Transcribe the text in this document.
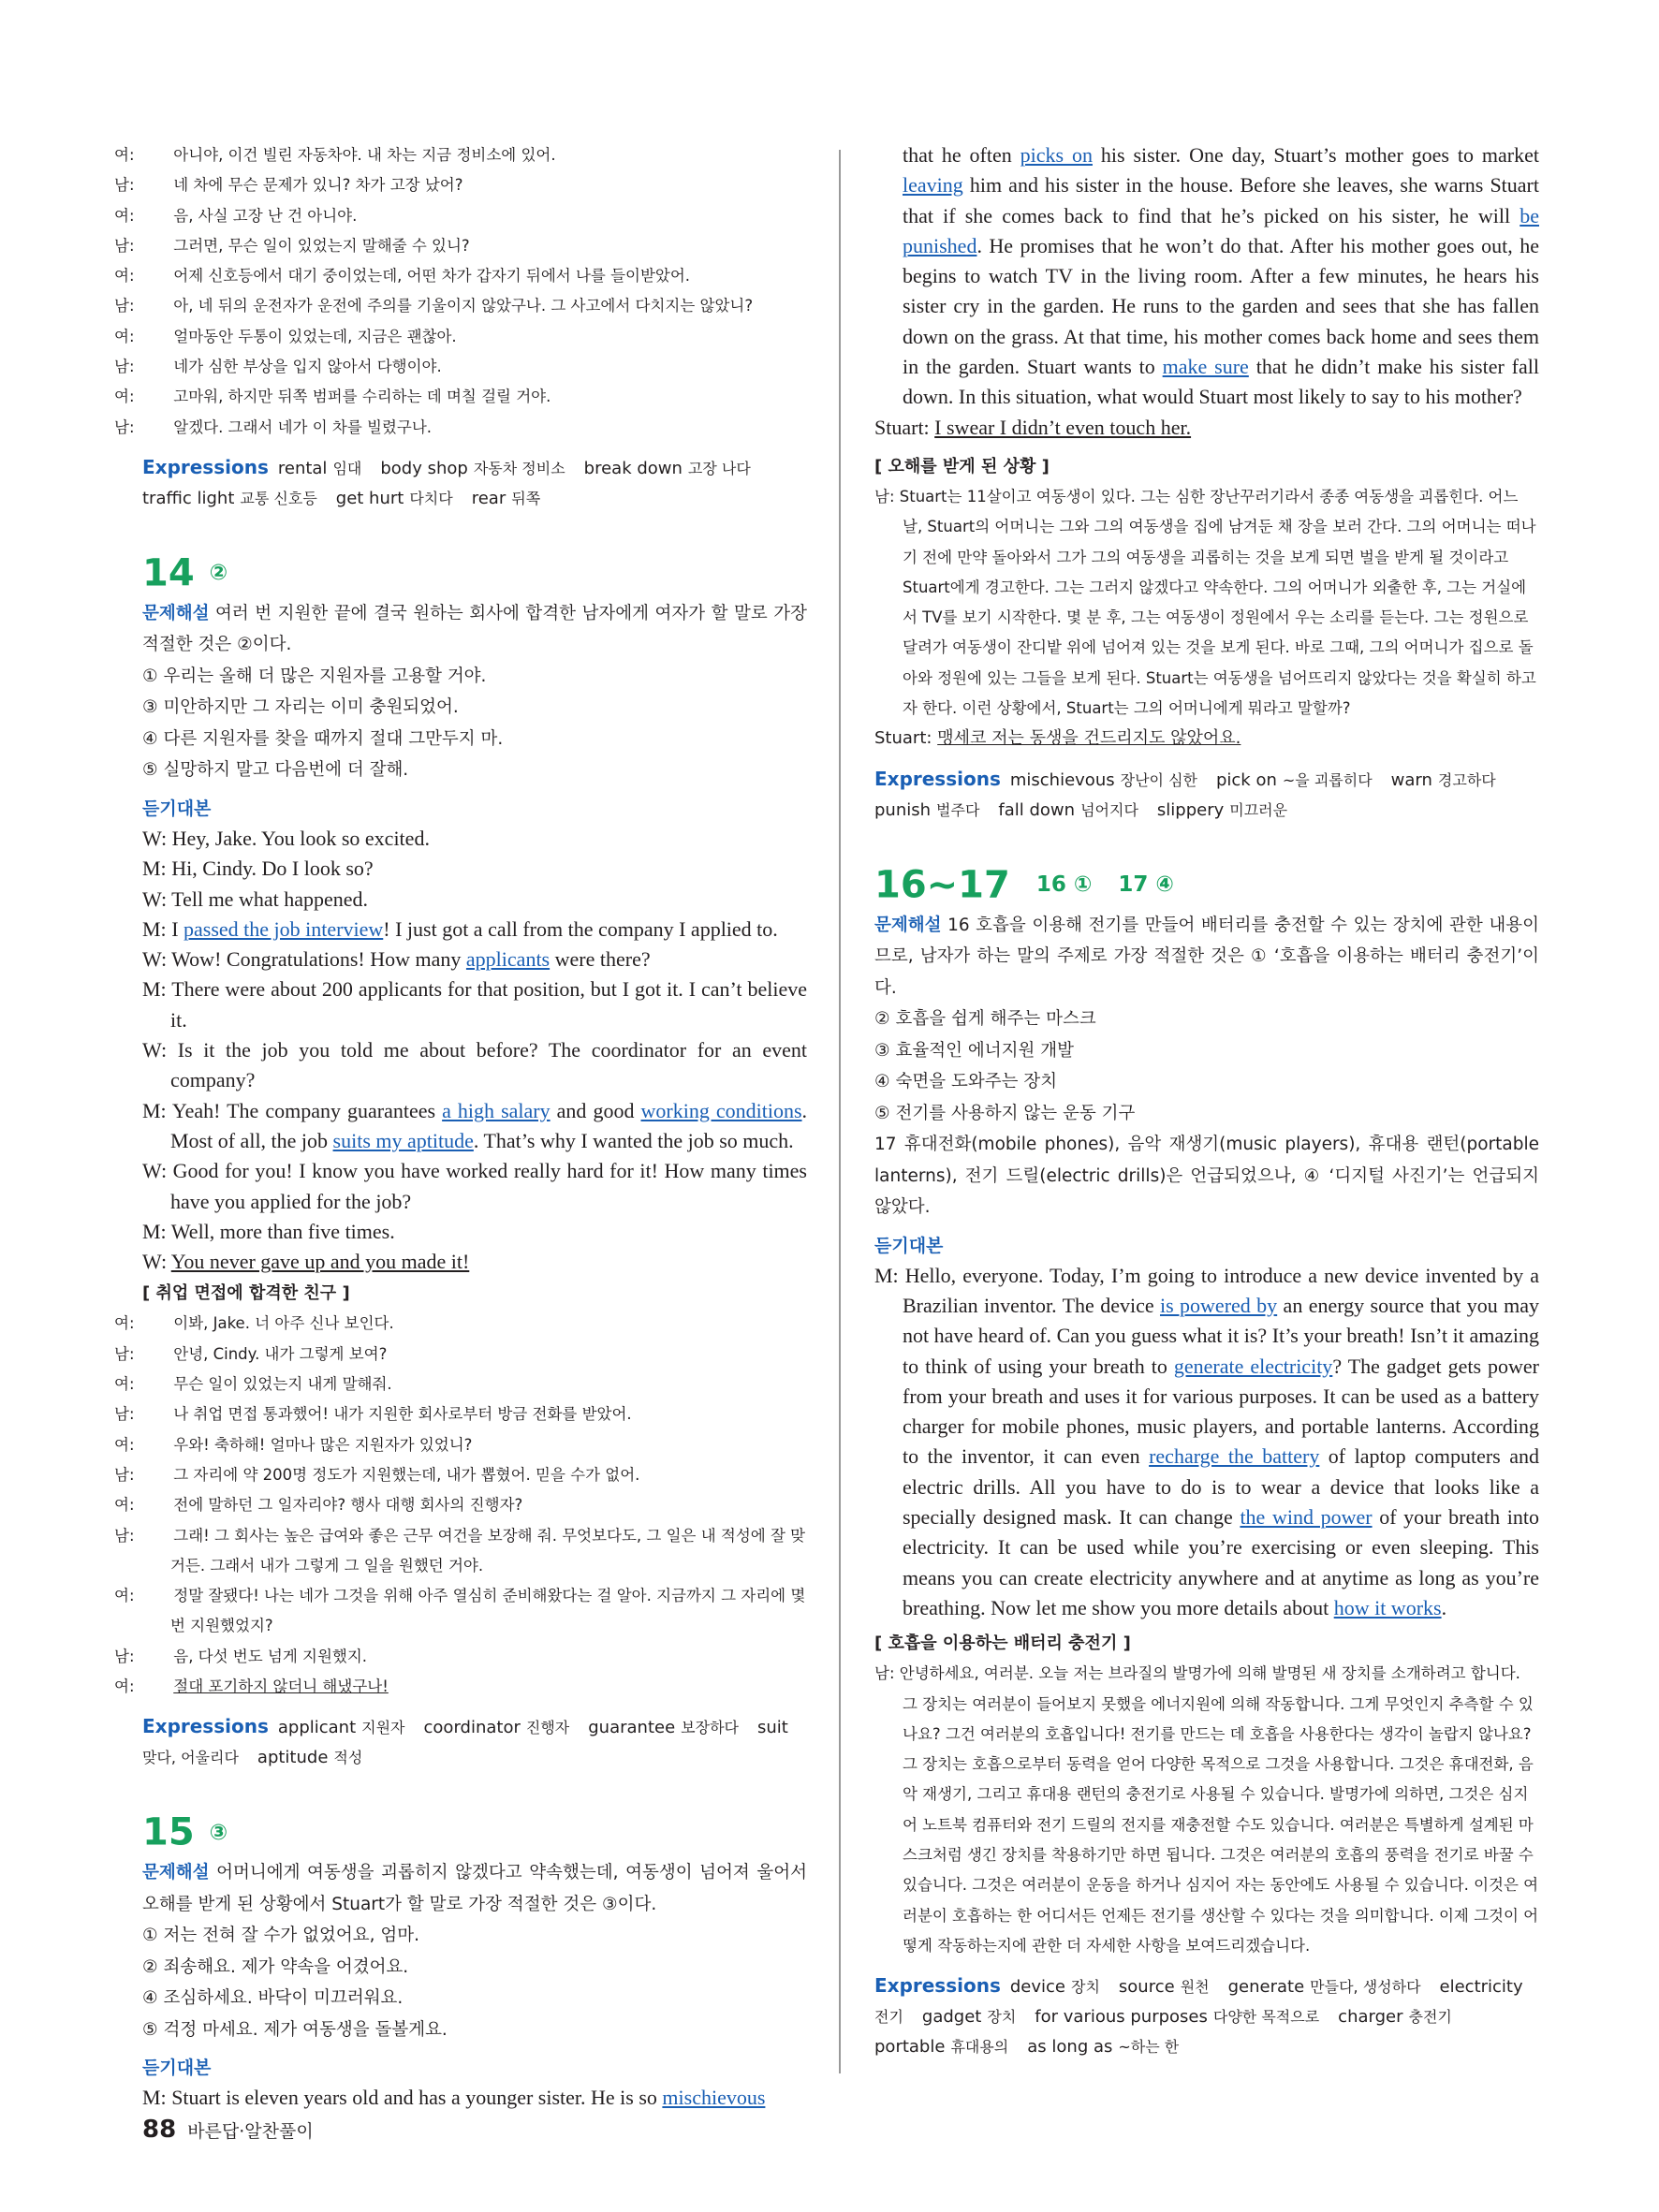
여:	아니야, 이건 빌린 자동차야. 내 차는 지금 정비소에 있어.
남:	네 차에 무슨 문제가 있니? 차가 고장 났어?
여:	음, 사실 고장 난 건 아니야.
남:	그러면, 무슨 일이 있었는지 말해줄 수 있니?
여:	어제 신호등에서 대기 중이었는데, 어떤 차가 갑자기 뒤에서 나를 들이받았어.
남:	아, 네 뒤의 운전자가 운전에 주의를 기울이지 않았구나. 그 사고에서 다치지는 않았니?
여:	얼마동안 두통이 있었는데, 지금은 괜찮아.
남:	네가 심한 부상을 입지 않아서 다행이야.
여:	고마워, 하지만 뒤쪽 범퍼를 수리하는 데 며칠 걸릴 거야.
남:	알겠다. 그래서 네가 이 차를 빌렸구나.
Expressions rental 임대 body shop 자동차 정비소 break down 고장 나다traffic light 교통 신호등 get hurt 다치다 rear 뒤쪽
14 ②
문제해설 여러 번 지원한 끝에 결국 원하는 회사에 합격한 남자에게 여자가 할 말로 가장 적절한 것은 ②이다.
① 우리는 올해 더 많은 지원자를 고용할 거야.
③ 미안하지만 그 자리는 이미 충원되었어.
④ 다른 지원자를 찾을 때까지 절대 그만두지 마.
⑤ 실망하지 말고 다음번에 더 잘해.
듣기대본
W: Hey, Jake. You look so excited.
M: Hi, Cindy. Do I look so?
W: Tell me what happened.
M: I passed the job interview! I just got a call from the company I applied to.
W: Wow! Congratulations! How many applicants were there?
M: There were about 200 applicants for that position, but I got it. I can’t believe it.
W: Is it the job you told me about before? The coordinator for an event company?
M: Yeah! The company guarantees a high salary and good working conditions. Most of all, the job suits my aptitude. That’s why I wanted the job so much.
W: Good for you! I know you have worked really hard for it! How many times have you applied for the job?
M: Well, more than five times.
W: You never gave up and you made it!
[ 취업 면접에 합격한 친구 ]
여:	이봐, Jake. 너 아주 신나 보인다.
남:	안녕, Cindy. 내가 그렇게 보여?
여:	무슨 일이 있었는지 내게 말해줘.
남:	나 취업 면접 통과했어! 내가 지원한 회사로부터 방금 전화를 받았어.
여:	우와! 축하해! 얼마나 많은 지원자가 있었니?
남:	그 자리에 약 200명 정도가 지원했는데, 내가 뽑혔어. 믿을 수가 없어.
여:	전에 말하던 그 일자리야? 행사 대행 회사의 진행자?
남:	그래! 그 회사는 높은 급여와 좋은 근무 여건을 보장해 줘. 무엇보다도, 그 일은 내 적성에 잘 맞거든. 그래서 내가 그렇게 그 일을 원했던 거야.
여:	정말 잘됐다! 나는 네가 그것을 위해 아주 열심히 준비해왔다는 걸 알아. 지금까지 그 자리에 몇 번 지원했었지?
남:	음, 다섯 번도 넘게 지원했지.
여:	절대 포기하지 않더니 해냈구나!
Expressions applicant 지원자 coordinator 진행자 guarantee 보장하다 suit맞다, 어울리다 aptitude 적성
15 ③
문제해설 어머니에게 여동생을 괴롭히지 않겠다고 약속했는데, 여동생이 넘어져 울어서 오해를 받게 된 상황에서 Stuart가 할 말로 가장 적절한 것은 ③이다.
① 저는 전혀 잘 수가 없었어요, 엄마.
② 죄송해요. 제가 약속을 어겼어요.
④ 조심하세요. 바닥이 미끄러워요.
⑤ 걱정 마세요. 제가 여동생을 돌볼게요.
듣기대본
M: Stuart is eleven years old and has a younger sister. He is so mischievous
that he often picks on his sister. One day, Stuart’s mother goes to market leaving him and his sister in the house. Before she leaves, she warns Stuart that if she comes back to find that he’s picked on his sister, he will be punished. He promises that he won’t do that. After his mother goes out, he begins to watch TV in the living room. After a few minutes, he hears his sister cry in the garden. He runs to the garden and sees that she has fallen down on the grass. At that time, his mother comes back home and sees them in the garden. Stuart wants to make sure that he didn’t make his sister fall down. In this situation, what would Stuart most likely to say to his mother?
Stuart: I swear I didn’t even touch her.
[ 오해를 받게 된 상황 ]
남: Stuart는 11살이고 여동생이 있다. 그는 심한 장난꾸러기라서 종종 여동생을 괴롭힌다. 어느 날, Stuart의 어머니는 그와 그의 여동생을 집에 남겨둔 채 장을 보러 간다. 그의 어머니는 떠나기 전에 만약 돌아와서 그가 그의 여동생을 괴롭히는 것을 보게 되면 벌을 받게 될 것이라고 Stuart에게 경고한다. 그는 그러지 않겠다고 약속한다. 그의 어머니가 외출한 후, 그는 거실에서 TV를 보기 시작한다. 몇 분 후, 그는 여동생이 정원에서 우는 소리를 듣는다. 그는 정원으로 달려가 여동생이 잔디밭 위에 넘어져 있는 것을 보게 된다. 바로 그때, 그의 어머니가 집으로 돌아와 정원에 있는 그들을 보게 된다. Stuart는 여동생을 넘어뜨리지 않았다는 것을 확실히 하고자 한다. 이런 상황에서, Stuart는 그의 어머니에게 뭐라고 말할까?
Stuart: 맹세코 저는 동생을 건드리지도 않았어요.
Expressions mischievous 장난이 심한 pick on ~을 괴롭히다 warn 경고하다punish 벌주다 fall down 넘어지다 slippery 미끄러운
16~17 16 ① 17 ④
문제해설 16 호흡을 이용해 전기를 만들어 배터리를 충전할 수 있는 장치에 관한 내용이므로, 남자가 하는 말의 주제로 가장 적절한 것은 ① ‘호흡을 이용하는 배터리 충전기’이다.
② 호흡을 쉽게 해주는 마스크
③ 효율적인 에너지원 개발
④ 숙면을 도와주는 장치
⑤ 전기를 사용하지 않는 운동 기구
17 휴대전화(mobile phones), 음악 재생기(music players), 휴대용 랜턴(portable lanterns), 전기 드릴(electric drills)은 언급되었으나, ④ ‘디지털 사진기’는 언급되지 않았다.
듣기대본
M: Hello, everyone. Today, I’m going to introduce a new device invented by a Brazilian inventor. The device is powered by an energy source that you may not have heard of. Can you guess what it is? It’s your breath! Isn’t it amazing to think of using your breath to generate electricity? The gadget gets power from your breath and uses it for various purposes. It can be used as a battery charger for mobile phones, music players, and portable lanterns. According to the inventor, it can even recharge the battery of laptop computers and electric drills. All you have to do is to wear a device that looks like a specially designed mask. It can change the wind power of your breath into electricity. It can be used while you’re exercising or even sleeping. This means you can create electricity anywhere and at anytime as long as you’re breathing. Now let me show you more details about how it works.
[ 호흡을 이용하는 배터리 충전기 ]
남: 안녕하세요, 여러분. 오늘 저는 브라질의 발명가에 의해 발명된 새 장치를 소개하려고 합니다. 그 장치는 여러분이 들어보지 못했을 에너지원에 의해 작동합니다. 그게 무엇인지 추측할 수 있나요? 그건 여러분의 호흡입니다! 전기를 만드는 데 호흡을 사용한다는 생각이 놀랍지 않나요? 그 장치는 호흡으로부터 동력을 얻어 다양한 목적으로 그것을 사용합니다. 그것은 휴대전화, 음악 재생기, 그리고 휴대용 랜턴의 충전기로 사용될 수 있습니다. 발명가에 의하면, 그것은 심지어 노트북 컴퓨터와 전기 드릴의 전지를 재충전할 수도 있습니다. 여러분은 특별하게 설계된 마스크처럼 생긴 장치를 착용하기만 하면 됩니다. 그것은 여러분의 호흡의 풍력을 전기로 바꿀 수 있습니다. 그것은 여러분이 운동을 하거나 심지어 자는 동안에도 사용될 수 있습니다. 이것은 여러분이 호흡하는 한 어디서든 언제든 전기를 생산할 수 있다는 것을 의미합니다. 이제 그것이 어떻게 작동하는지에 관한 더 자세한 사항을 보여드리겠습니다.
Expressions device 장치 source 원천 generate 만들다, 생성하다 electricity전기 gadget 장치 for various purposes 다양한 목적으로 charger 충전기portable 휴대용의 as long as ~하는 한
88 바른답·알찬풀이
